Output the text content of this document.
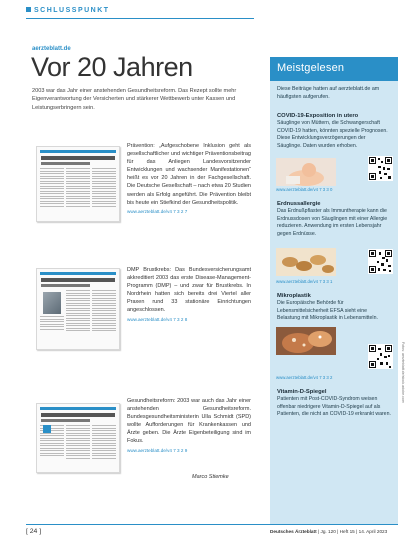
SCHLUSSPUNKT
aerzteblatt.de
Vor 20 Jahren

2003 war das Jahr einer anstehenden Gesundheitsreform. Das Rezept sollte mehr Eigenverantwortung der Versicherten und stärkerer Wettbewerb unter Kassen und Leistungserbringern sein.

Prävention: „Aufgeschobene Inklusion geht als gesellschaftlicher und wichtiger Präventionsbeitrag für das Anliegen Landesvorsitzender Entwicklungen und wachsender Manifestationen“ heißt es vor 20 Jahren in der Fachgesellschaft. Die Deutsche Gesellschaft – nach etwa 20 Studien werden als Erfolg angeführt. Die Prävention bleibt bis heute ein Stiefkind der Gesundheitspolitik.
www.aerzteblatt.de/v4 7 3 2 7
DMP Brustkrebs: Das Bundesversicherungsamt akkreditiert 2003 das erste Disease-Management-Programm (DMP) – und zwar für Brustkrebs. In Nordrhein hatten sich bereits drei Viertel aller Praxen rund 33 stationäre Einrichtungen angeschlossen.
www.aerzteblatt.de/v4 7 3 2 8
Gesundheitsreform: 2003 war auch das Jahr einer anstehenden Gesundheitsreform. Bundesgesundheitsministerin Ulla Schmidt (SPD) wollte Aufforderungen für Krankenkassen und Ärzte geben. Die Ärzte Eigenbeteiligung sind im Fokus.
www.aerzteblatt.de/v4 7 3 2 9
Marco Stiemke
Meistgelesen
Diese Beiträge hatten auf aerzteblatt.de am häufigsten aufgerufen.
COVID-19-Exposition in utero
Säuglinge von Müttern, die Schwangerschaft COVID-19 hatten, könnten spezielle Prognosen. Diese Entwicklungsverzögerungen der Säuglinge. Daten wurden erhoben.
www.aerzteblatt.de/v4 7 3 3 0
Erdnussallergie
Das Erdnußpflaster als Immuntherapie kann die Erdnussdosen von Säuglingen mit einer Allergie reduzieren. Anwendung im ersten Lebensjahr gegen Erdnüsse.
www.aerzteblatt.de/v4 7 3 3 1
Mikroplastik
Die Europäische Behörde für Lebensmittelsicherheit EFSA sieht eine Belastung mit Mikroplastik in Lebensmitteln.
www.aerzteblatt.de/v4 7 3 3 2
Vitamin-D-Spiegel
Patienten mit Post-COVID-Syndrom weisen offenbar niedrigere Vitamin-D-Spiegel auf als Patienten, die nicht an COVID-19 erkrankt waren.
Fotos: aerzteblatt.de/stock.adobe.com
[ 24 ]	Deutsches Ärzteblatt | Jg. 120 | Heft 15 | 14. April 2023
